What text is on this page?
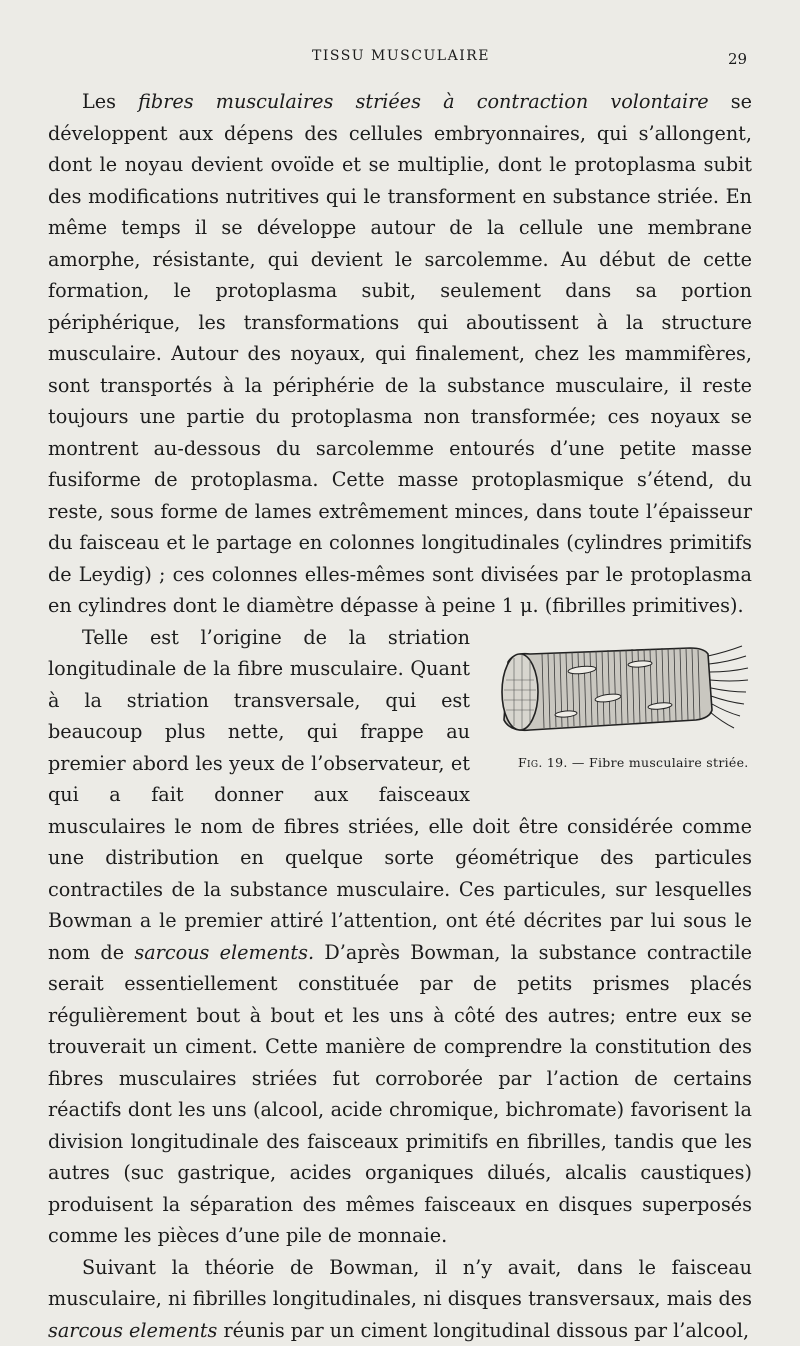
TISSU MUSCULAIRE	29

Les fibres musculaires striées à contraction volontaire se développent aux dépens des cellules embryonnaires, qui s’allongent, dont le noyau devient ovoïde et se multiplie, dont le protoplasma subit des modifications nutritives qui le transforment en substance striée. En même temps il se développe autour de la cellule une membrane amorphe, résistante, qui devient le sarcolemme. Au début de cette formation, le protoplasma subit, seulement dans sa portion périphérique, les transformations qui aboutissent à la structure musculaire. Autour des noyaux, qui finalement, chez les mammifères, sont transportés à la périphérie de la substance musculaire, il reste toujours une partie du protoplasma non transformée; ces noyaux se montrent au-dessous du sarcolemme entourés d’une petite masse fusiforme de protoplasma. Cette masse protoplasmique s’étend, du reste, sous forme de lames extrêmement minces, dans toute l’épaisseur du faisceau et le partage en colonnes longitudinales (cylindres primitifs de Leydig) ; ces colonnes elles-mêmes sont divisées par le protoplasma en cylindres dont le diamètre dépasse à peine 1 μ. (fibrilles primitives).

Fig. 19. — Fibre musculaire striée.
Telle est l’origine de la striation longitudinale de la fibre musculaire. Quant à la striation transversale, qui est beaucoup plus nette, qui frappe au premier abord les yeux de l’observateur, et qui a fait donner aux faisceaux musculaires le nom de fibres striées, elle doit être considérée comme une distribution en quelque sorte géométrique des particules contractiles de la substance musculaire. Ces particules, sur lesquelles Bowman a le premier attiré l’attention, ont été décrites par lui sous le nom de sarcous elements. D’après Bowman, la substance contractile serait essentiellement constituée par de petits prismes placés régulièrement bout à bout et les uns à côté des autres; entre eux se trouverait un ciment. Cette manière de comprendre la constitution des fibres musculaires striées fut corroborée par l’action de certains réactifs dont les uns (alcool, acide chromique, bichromate) favorisent la division longitudinale des faisceaux primitifs en fibrilles, tandis que les autres (suc gastrique, acides organiques dilués, alcalis caustiques) produisent la séparation des mêmes faisceaux en disques superposés comme les pièces d’une pile de monnaie.

Suivant la théorie de Bowman, il n’y avait, dans le faisceau musculaire, ni fibrilles longitudinales, ni disques transversaux, mais des sarcous elements réunis par un ciment longitudinal dissous par l’alcool,
